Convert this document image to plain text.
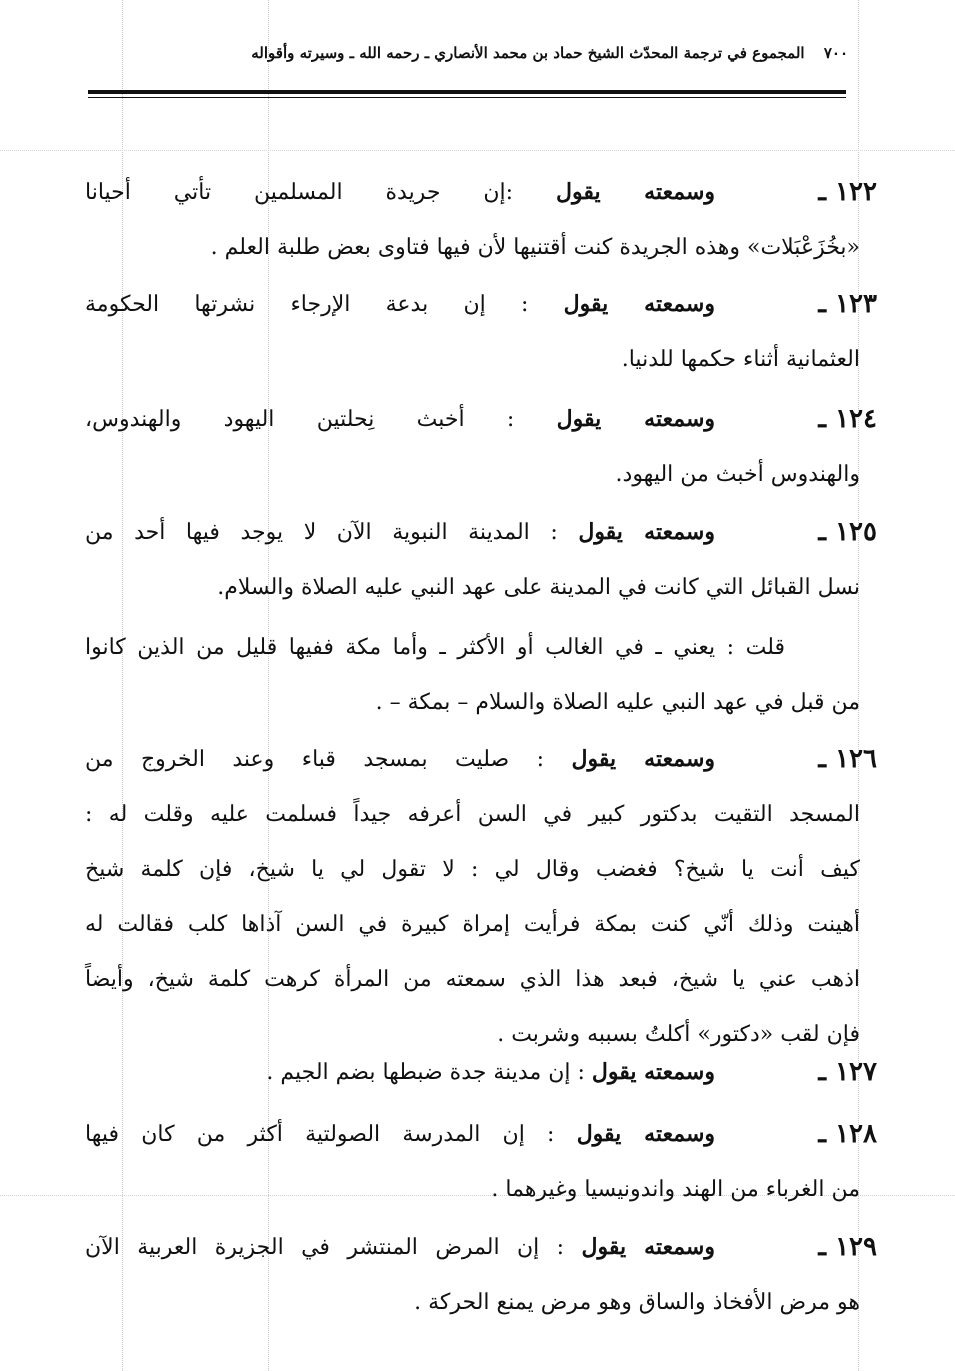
٧٠٠ المجموع في ترجمة المحدّث الشيخ حماد بن محمد الأنصاري ـ رحمه الله ـ وسيرته وأقواله
١٢٢ ـ
وسمعته يقول :إن جريدة المسلمين تأتي أحيانا
«بخُزَعْبَلات» وهذه الجريدة كنت أقتنيها لأن فيها فتاوى بعض طلبة العلم .
١٢٣ ـ
وسمعته يقول : إن بدعة الإرجاء نشرتها الحكومة
العثمانية أثناء حكمها للدنيا.
١٢٤ ـ
وسمعته يقول : أخبث نِحلتين اليهود والهندوس،
والهندوس أخبث من اليهود.
١٢٥ ـ
وسمعته يقول : المدينة النبوية الآن لا يوجد فيها أحد من
نسل القبائل التي كانت في المدينة على عهد النبي عليه الصلاة والسلام.
قلت : يعني ـ في الغالب أو الأكثر ـ وأما مكة ففيها قليل من الذين كانوا
من قبل في عهد النبي عليه الصلاة والسلام – بمكة – .
١٢٦ ـ
وسمعته يقول : صليت بمسجد قباء وعند الخروج من
المسجد التقيت بدكتور كبير في السن أعرفه جيداً فسلمت عليه وقلت له :
كيف أنت يا شيخ؟ فغضب وقال لي : لا تقول لي يا شيخ، فإن كلمة شيخ
أهينت وذلك أنّي كنت بمكة فرأيت إمراة كبيرة في السن آذاها كلب فقالت له
اذهب عني يا شيخ، فبعد هذا الذي سمعته من المرأة كرهت كلمة شيخ، وأيضاً
فإن لقب «دكتور» أكلتُ بسببه وشربت .
١٢٧ ـ
وسمعته يقول : إن مدينة جدة ضبطها بضم الجيم .
١٢٨ ـ
وسمعته يقول : إن المدرسة الصولتية أكثر من كان فيها
من الغرباء من الهند واندونيسيا وغيرهما .
١٢٩ ـ
وسمعته يقول : إن المرض المنتشر في الجزيرة العربية الآن
هو مرض الأفخاذ والساق وهو مرض يمنع الحركة .
